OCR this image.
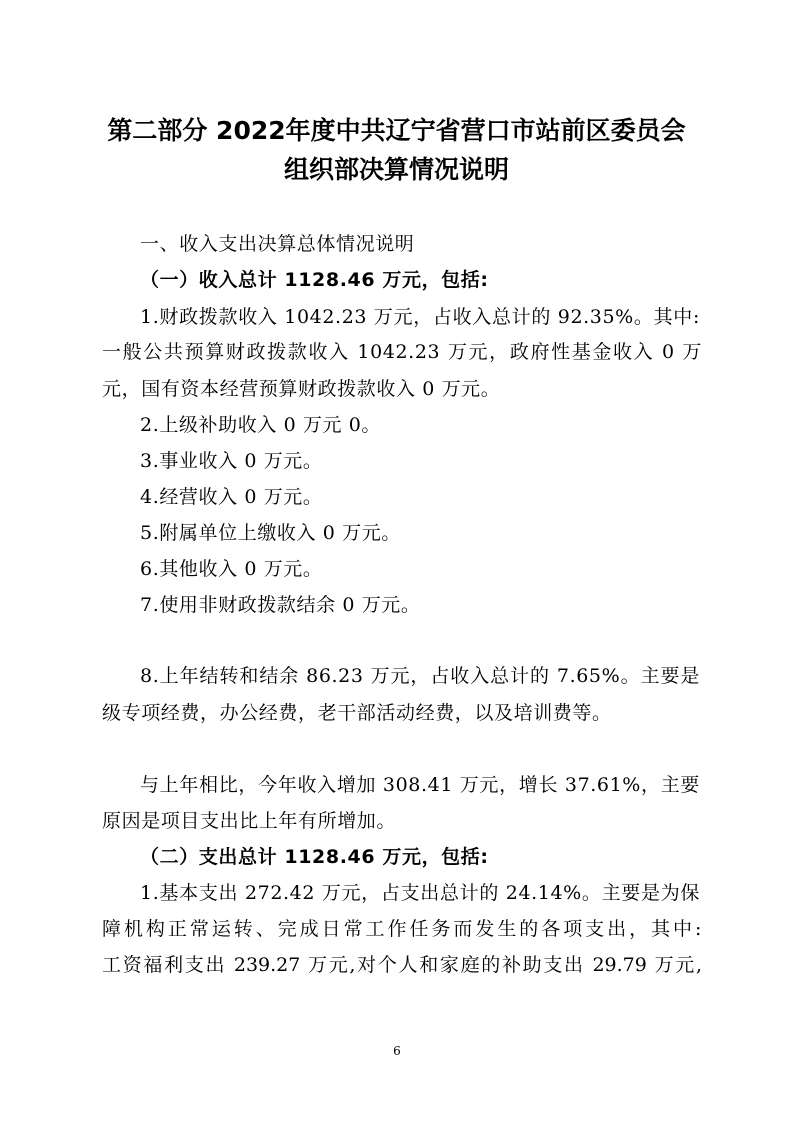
第二部分 2022年度中共辽宁省营口市站前区委员会
组织部决算情况说明
一、收入支出决算总体情况说明
（一）收入总计 1128.46 万元，包括:
1.财政拨款收入 1042.23 万元，占收入总计的 92.35%。其中:
一般公共预算财政拨款收入 1042.23 万元，政府性基金收入 0 万
元，国有资本经营预算财政拨款收入 0 万元。
2.上级补助收入 0 万元 0。
3.事业收入 0 万元。
4.经营收入 0 万元。
5.附属单位上缴收入 0 万元。
6.其他收入 0 万元。
7.使用非财政拨款结余 0 万元。
8.上年结转和结余 86.23 万元，占收入总计的 7.65%。主要是
级专项经费，办公经费，老干部活动经费，以及培训费等。
与上年相比，今年收入增加 308.41 万元，增长 37.61%，主要
原因是项目支出比上年有所增加。
（二）支出总计 1128.46 万元，包括:
1.基本支出 272.42 万元，占支出总计的 24.14%。主要是为保
障机构正常运转、完成日常工作任务而发生的各项支出，其中:
工资福利支出 239.27 万元,对个人和家庭的补助支出 29.79 万元,
6
